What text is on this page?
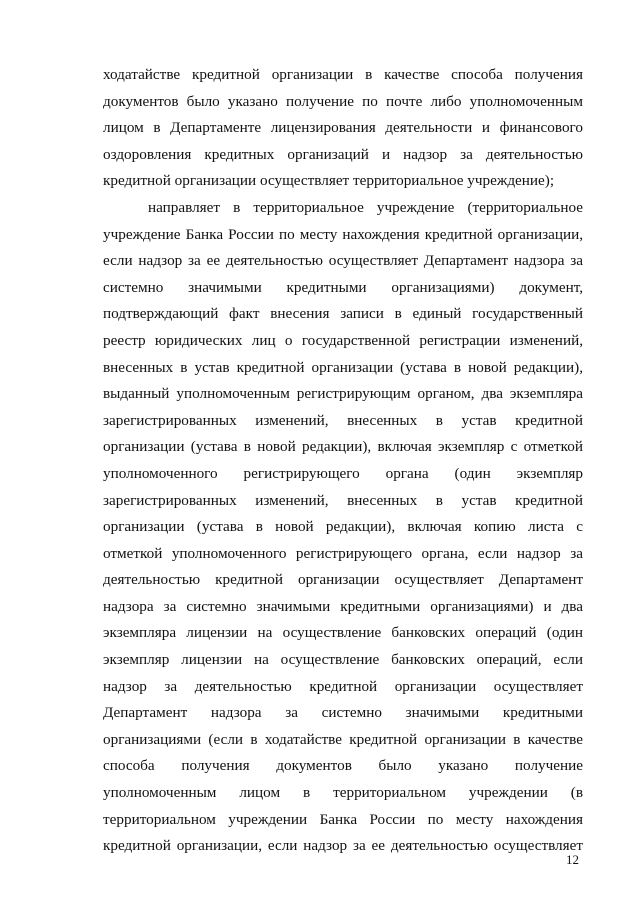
ходатайстве кредитной организации в качестве способа получения
документов было указано получение по почте либо уполномоченным
лицом в Департаменте лицензирования деятельности и финансового
оздоровления кредитных организаций и надзор за деятельностью
кредитной организации осуществляет территориальное учреждение);
направляет в территориальное учреждение (территориальное
учреждение Банка России по месту нахождения кредитной организации,
если надзор за ее деятельностью осуществляет Департамент надзора за
системно значимыми кредитными организациями) документ,
подтверждающий факт внесения записи в единый государственный
реестр юридических лиц о государственной регистрации изменений,
внесенных в устав кредитной организации (устава в новой редакции),
выданный уполномоченным регистрирующим органом, два экземпляра
зарегистрированных изменений, внесенных в устав кредитной
организации (устава в новой редакции), включая экземпляр с отметкой
уполномоченного регистрирующего органа (один экземпляр
зарегистрированных изменений, внесенных в устав кредитной
организации (устава в новой редакции), включая копию листа с
отметкой уполномоченного регистрирующего органа, если надзор за
деятельностью кредитной организации осуществляет Департамент
надзора за системно значимыми кредитными организациями) и два
экземпляра лицензии на осуществление банковских операций (один
экземпляр лицензии на осуществление банковских операций, если
надзор за деятельностью кредитной организации осуществляет
Департамент надзора за системно значимыми кредитными
организациями (если в ходатайстве кредитной организации в качестве
способа получения документов было указано получение
уполномоченным лицом в территориальном учреждении (в
территориальном учреждении Банка России по месту нахождения
кредитной организации, если надзор за ее деятельностью осуществляет
12
